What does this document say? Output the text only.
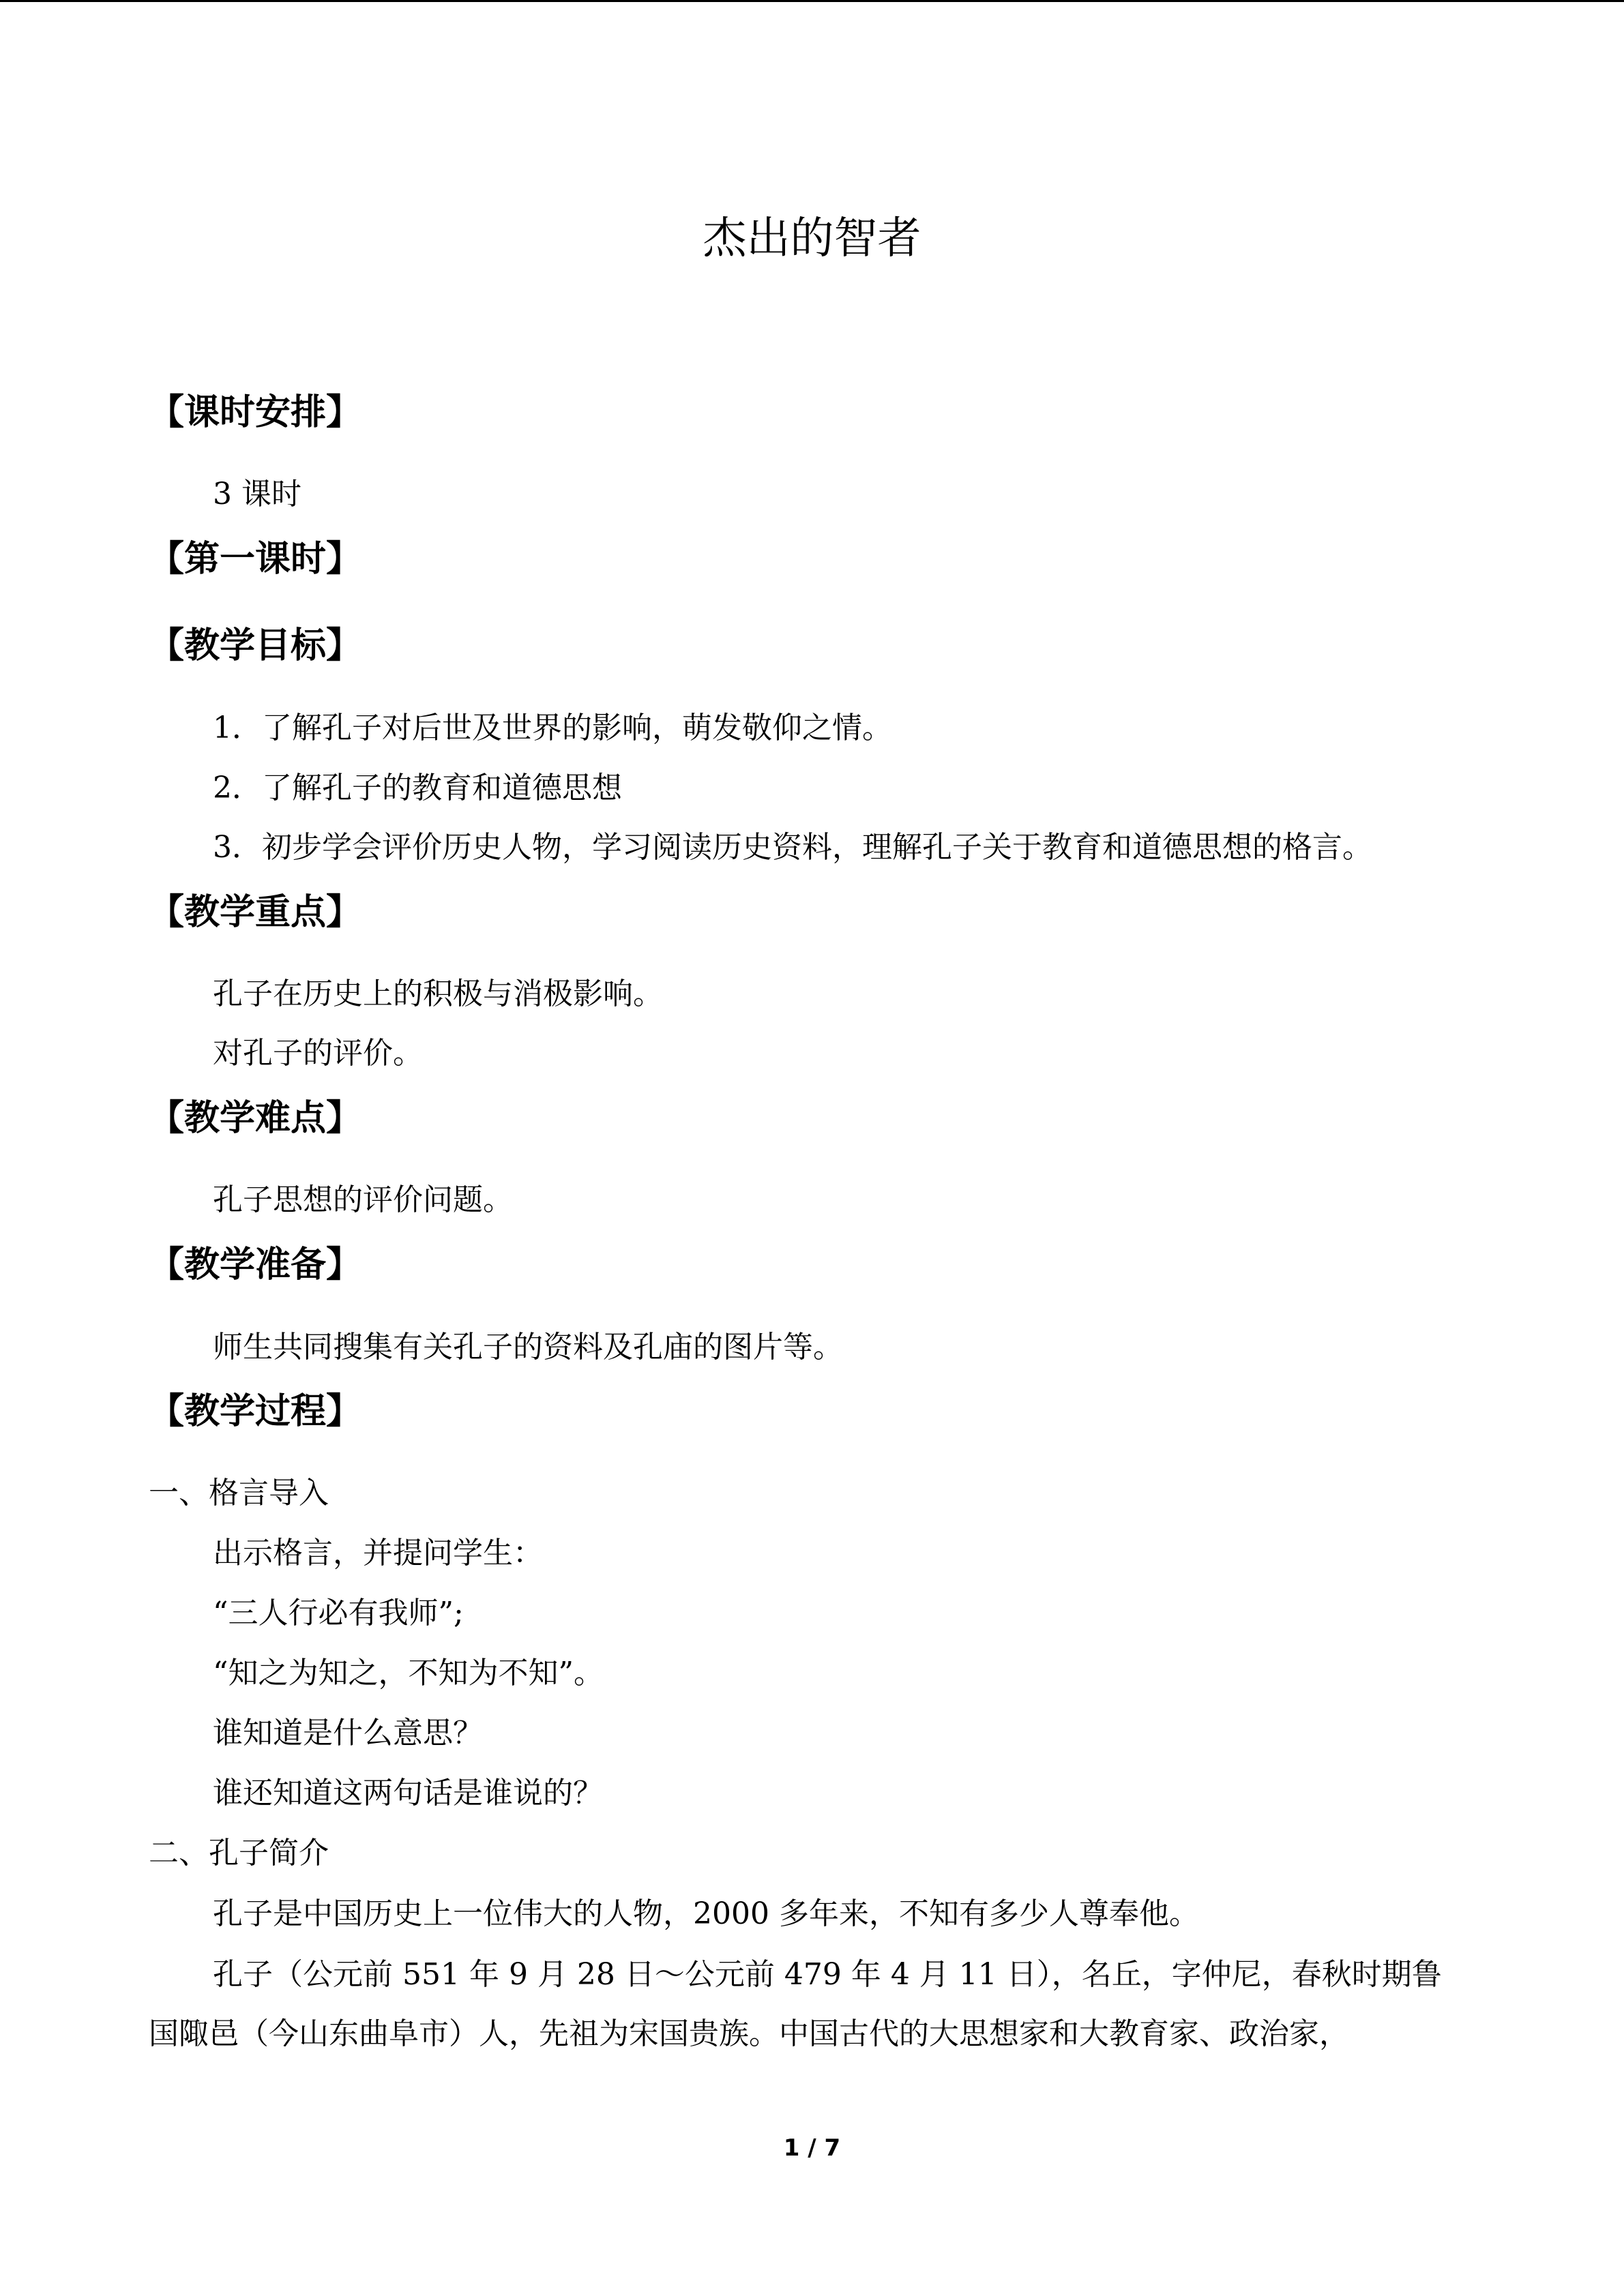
杰出的智者
【课时安排】
3 课时
【第一课时】
【教学目标】
1．了解孔子对后世及世界的影响，萌发敬仰之情。
2．了解孔子的教育和道德思想
3．初步学会评价历史人物，学习阅读历史资料，理解孔子关于教育和道德思想的格言。
【教学重点】
孔子在历史上的积极与消极影响。
对孔子的评价。
【教学难点】
孔子思想的评价问题。
【教学准备】
师生共同搜集有关孔子的资料及孔庙的图片等。
【教学过程】
一、格言导入
出示格言，并提问学生：
“三人行必有我师”;
“知之为知之，不知为不知”。
谁知道是什么意思？
谁还知道这两句话是谁说的？
二、孔子简介
孔子是中国历史上一位伟大的人物，2000 多年来，不知有多少人尊奉他。
孔子（公元前 551 年 9 月 28 日～公元前 479 年 4 月 11 日），名丘，字仲尼，春秋时期鲁
国陬邑（今山东曲阜市）人，先祖为宋国贵族。中国古代的大思想家和大教育家、政治家，
1 / 7
